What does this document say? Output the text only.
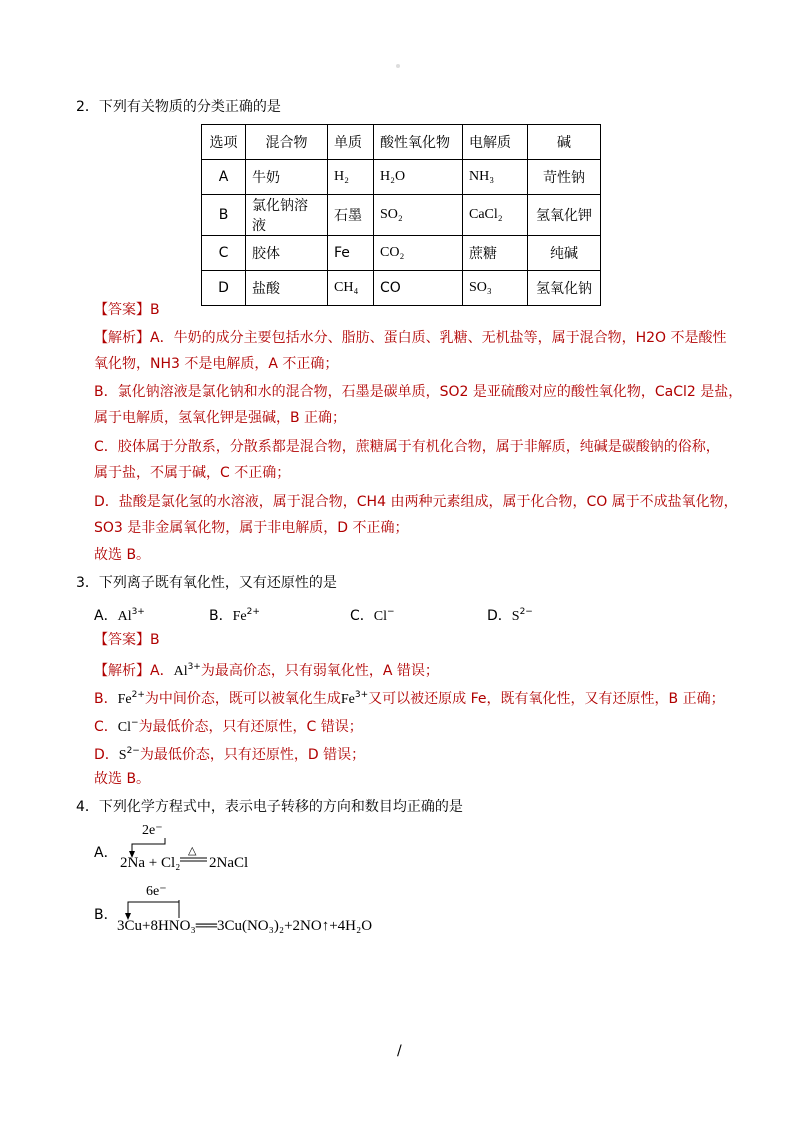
2．下列有关物质的分类正确的是
选项	混合物	单质	酸性氧化物	电解质	碱
A	牛奶	H₂	H₂O	NH₃	苛性钠
B	氯化钠溶液	石墨	SO₂	CaCl₂	氢氧化钾
C	胶体	Fe	CO₂	蔗糖	纯碱
D	盐酸	CH₄	CO	SO₃	氢氧化钠
【答案】B
【解析】A．牛奶的成分主要包括水分、脂肪、蛋白质、乳糖、无机盐等，属于混合物，H2O 不是酸性
氧化物，NH3 不是电解质，A 不正确；
B．氯化钠溶液是氯化钠和水的混合物，石墨是碳单质，SO2 是亚硫酸对应的酸性氧化物，CaCl2 是盐，
属于电解质，氢氧化钾是强碱，B 正确；
C．胶体属于分散系，分散系都是混合物，蔗糖属于有机化合物，属于非解质，纯碱是碳酸钠的俗称，
属于盐，不属于碱，C 不正确；
D．盐酸是氯化氢的水溶液，属于混合物，CH4 由两种元素组成，属于化合物，CO 属于不成盐氧化物，
SO3 是非金属氧化物，属于非电解质，D 不正确；
故选 B。
3．下列离子既有氧化性，又有还原性的是
A．$Al^{3+}$	B．$Fe^{2+}$	C．Cl−	D．$S^{2-}$
【答案】B
【解析】A．$Al^{3+}$为最高价态，只有弱氧化性，A 错误；
B．$Fe^{2+}$为中间价态，既可以被氧化生成$Fe^{3+}$又可以被还原成 Fe，既有氧化性，又有还原性，B 正确；
C．Cl−为最低价态，只有还原性，C 错误；
D．$S^{2-}$为最低价态，只有还原性，D 错误；
故选 B。
4．下列化学方程式中，表示电子转移的方向和数目均正确的是
A．
2e⁻
2Na + Cl₂
△
2NaCl
B．
6e⁻
3Cu+8HNO₃══3Cu(NO₃)₂+2NO↑+4H₂O
/
